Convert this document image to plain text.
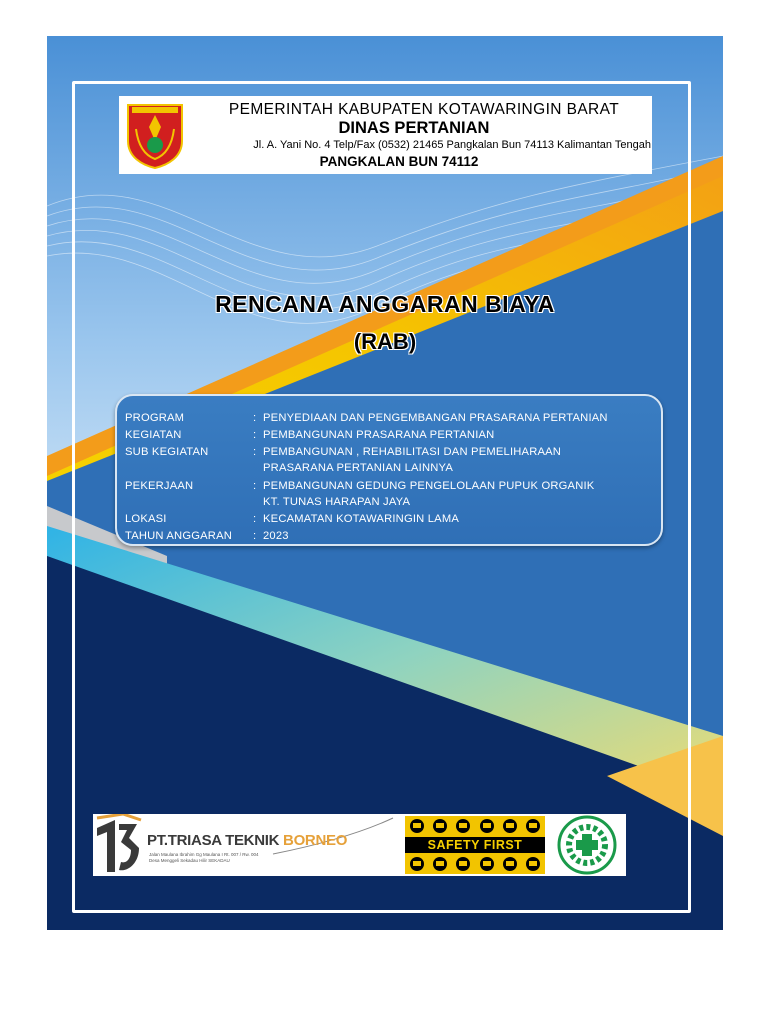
PEMERINTAH KABUPATEN KOTAWARINGIN BARAT
DINAS PERTANIAN
Jl. A. Yani No. 4 Telp/Fax (0532) 21465 Pangkalan Bun 74113 Kalimantan Tengah
PANGKALAN BUN 74112
RENCANA ANGGARAN BIAYA
(RAB)
PROGRAM	: PENYEDIAAN DAN PENGEMBANGAN PRASARANA PERTANIAN
KEGIATAN	: PEMBANGUNAN PRASARANA PERTANIAN
SUB KEGIATAN	: PEMBANGUNAN , REHABILITASI DAN PEMELIHARAAN
PRASARANA PERTANIAN LAINNYA
PEKERJAAN	: PEMBANGUNAN GEDUNG PENGELOLAAN PUPUK ORGANIK
KT. TUNAS HARAPAN JAYA
LOKASI	: KECAMATAN KOTAWARINGIN LAMA
TAHUN ANGGARAN : 2023
PT.TRIASA TEKNIK BORNEO
Jalan Maulana Ibrahim Gg Maulana I Rt. 007 / Rw. 004 Desa Menggeli Sekadau Hilir SEKADAU
SAFETY FIRST
